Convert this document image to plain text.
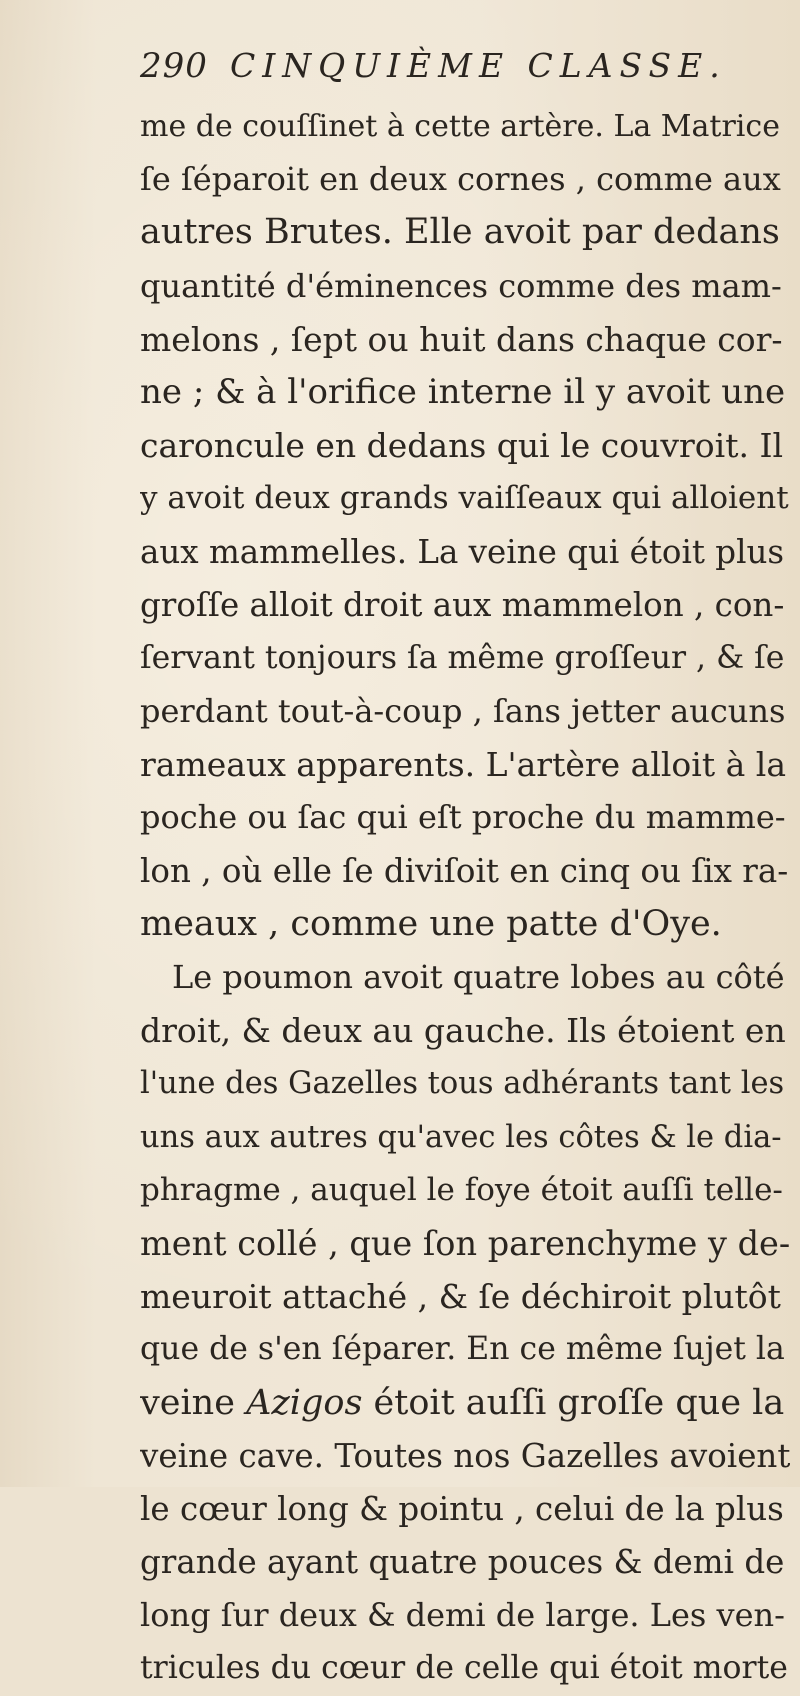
290 CINQUIÈME CLASSE.
me de couſſinet à cette artère. La Matrice
ſe ſéparoit en deux cornes , comme aux
autres Brutes. Elle avoit par dedans
quantité d'éminences comme des mam-
melons , ſept ou huit dans chaque cor-
ne ; & à l'orifice interne il y avoit une
caroncule en dedans qui le couvroit. Il
y avoit deux grands vaiſſeaux qui alloient
aux mammelles. La veine qui étoit plus
groſſe alloit droit aux mammelon , con-
ſervant tonjours ſa même groſſeur , & ſe
perdant tout-à-coup , ſans jetter aucuns
rameaux apparents. L'artère alloit à la
poche ou ſac qui eſt proche du mamme-
lon , où elle ſe diviſoit en cinq ou ſix ra-
meaux , comme une patte d'Oye.
Le poumon avoit quatre lobes au côté
droit, & deux au gauche. Ils étoient en
l'une des Gazelles tous adhérants tant les
uns aux autres qu'avec les côtes & le dia-
phragme , auquel le foye étoit auſſi telle-
ment collé , que ſon parenchyme y de-
meuroit attaché , & ſe déchiroit plutôt
que de s'en ſéparer. En ce même ſujet la
veine Azigos étoit auſſi groſſe que la
veine cave. Toutes nos Gazelles avoient
le cœur long & pointu , celui de la plus
grande ayant quatre pouces & demi de
long ſur deux & demi de large. Les ven-
tricules du cœur de celle qui étoit morte
